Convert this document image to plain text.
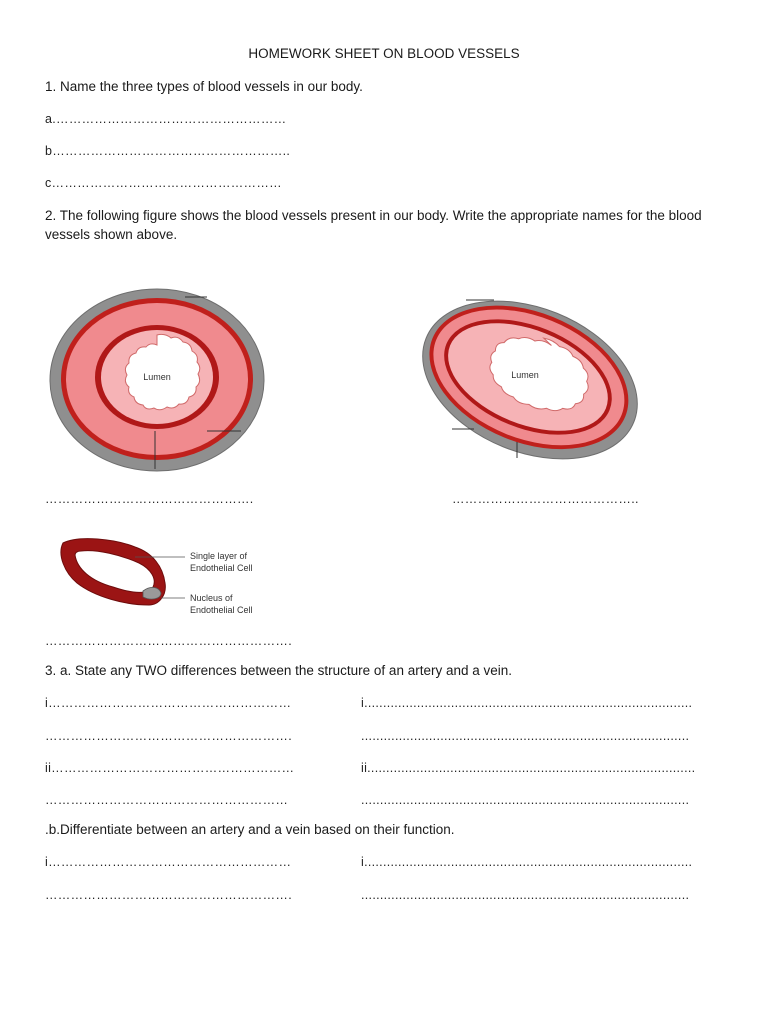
HOMEWORK SHEET ON BLOOD VESSELS
1. Name the three types of blood vessels in our body.
a.………………………………………………
b………………………………………………..
c………………………………………………
2. The following figure shows the blood vessels present in our body. Write the appropriate names for the blood vessels shown above.
Lumen	Lumen
………………………………………….	……………………………………..
Single layer of
Endothelial Cell
Nucleus of
Endothelial Cell
………………………………………………….
3. a. State any TWO differences between the structure of an artery and a vein.
i…………………………………………………	i.......................................................................................
………………………………………………….	.......................................................................................
ii…………………………………………………	ii.......................................................................................
…………………………………………………	.......................................................................................
.b.Differentiate between an artery and a vein based on their function.
i…………………………………………………	i.......................................................................................
………………………………………………….	.......................................................................................
